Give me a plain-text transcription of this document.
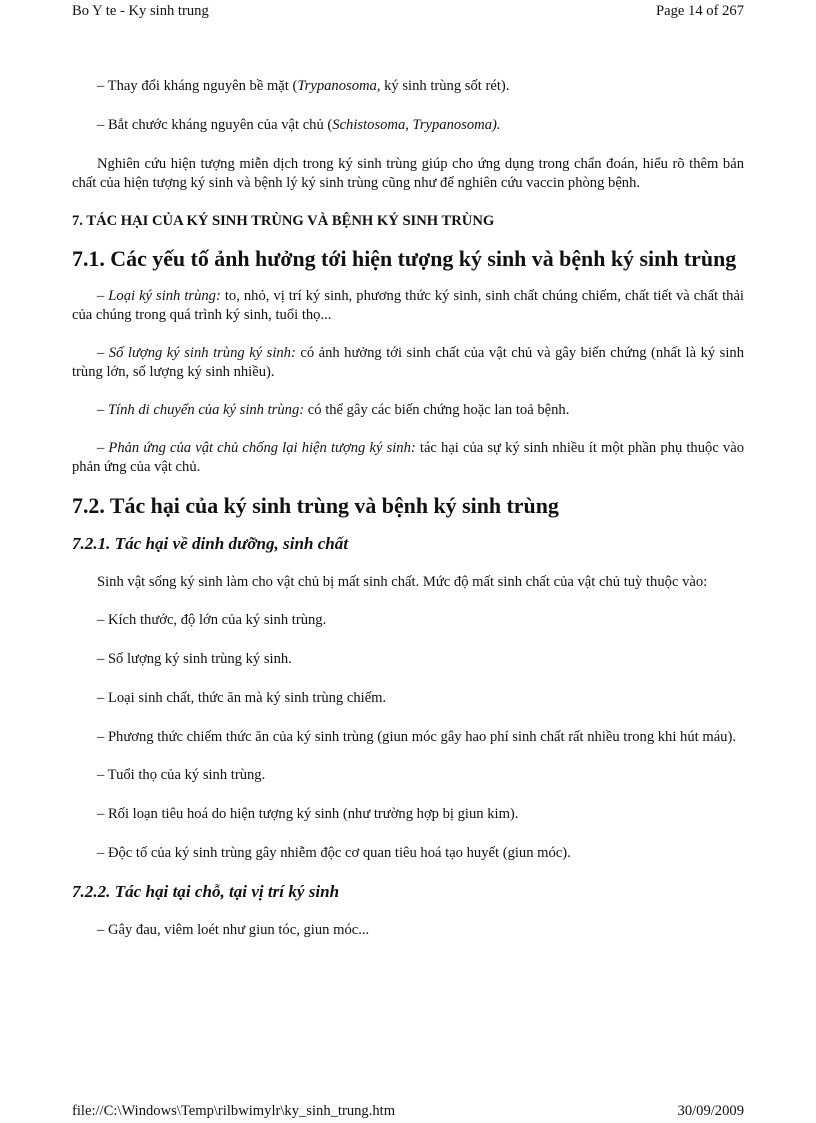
Bo Y te - Ky sinh trung	Page 14 of 267

– Thay đổi kháng nguyên bề mặt (Trypanosoma, ký sinh trùng sốt rét).

– Bắt chước kháng nguyên của vật chủ (Schistosoma, Trypanosoma).

Nghiên cứu hiện tượng miễn dịch trong ký sinh trùng giúp cho ứng dụng trong chẩn đoán, hiểu rõ thêm bản chất của hiện tượng ký sinh và bệnh lý ký sinh trùng cũng như để nghiên cứu vaccin phòng bệnh.

7. TÁC HẠI CỦA KÝ SINH TRÙNG VÀ BỆNH KÝ SINH TRÙNG
7.1. Các yếu tố ảnh hưởng tới hiện tượng ký sinh và bệnh ký sinh trùng

– Loại ký sinh trùng: to, nhỏ, vị trí ký sinh, phương thức ký sinh, sinh chất chúng chiếm, chất tiết và chất thải của chúng trong quá trình ký sinh, tuổi thọ...

– Số lượng ký sinh trùng ký sinh: có ảnh hưởng tới sinh chất của vật chủ và gây biến chứng (nhất là ký sinh trùng lớn, số lượng ký sinh nhiều).

– Tính di chuyển của ký sinh trùng: có thể gây các biến chứng hoặc lan toả bệnh.

– Phản ứng của vật chủ chống lại hiện tượng ký sinh: tác hại của sự ký sinh nhiều ít một phần phụ thuộc vào phản ứng của vật chủ.

7.2. Tác hại của ký sinh trùng và bệnh ký sinh trùng
7.2.1. Tác hại về dinh dưỡng, sinh chất

Sinh vật sống ký sinh làm cho vật chủ bị mất sinh chất. Mức độ mất sinh chất của vật chủ tuỳ thuộc vào:

– Kích thước, độ lớn của ký sinh trùng.

– Số lượng ký sinh trùng ký sinh.

– Loại sinh chất, thức ăn mà ký sinh trùng chiếm.

– Phương thức chiếm thức ăn của ký sinh trùng (giun móc gây hao phí sinh chất rất nhiều trong khi hút máu).

– Tuổi thọ của ký sinh trùng.

– Rối loạn tiêu hoá do hiện tượng ký sinh (như trường hợp bị giun kim).

– Độc tố của ký sinh trùng gây nhiễm độc cơ quan tiêu hoá tạo huyết (giun móc).

7.2.2. Tác hại tại chỗ, tại vị trí ký sinh

– Gây đau, viêm loét như giun tóc, giun móc...

file://C:\Windows\Temp\rilbwimylr\ky_sinh_trung.htm	30/09/2009
